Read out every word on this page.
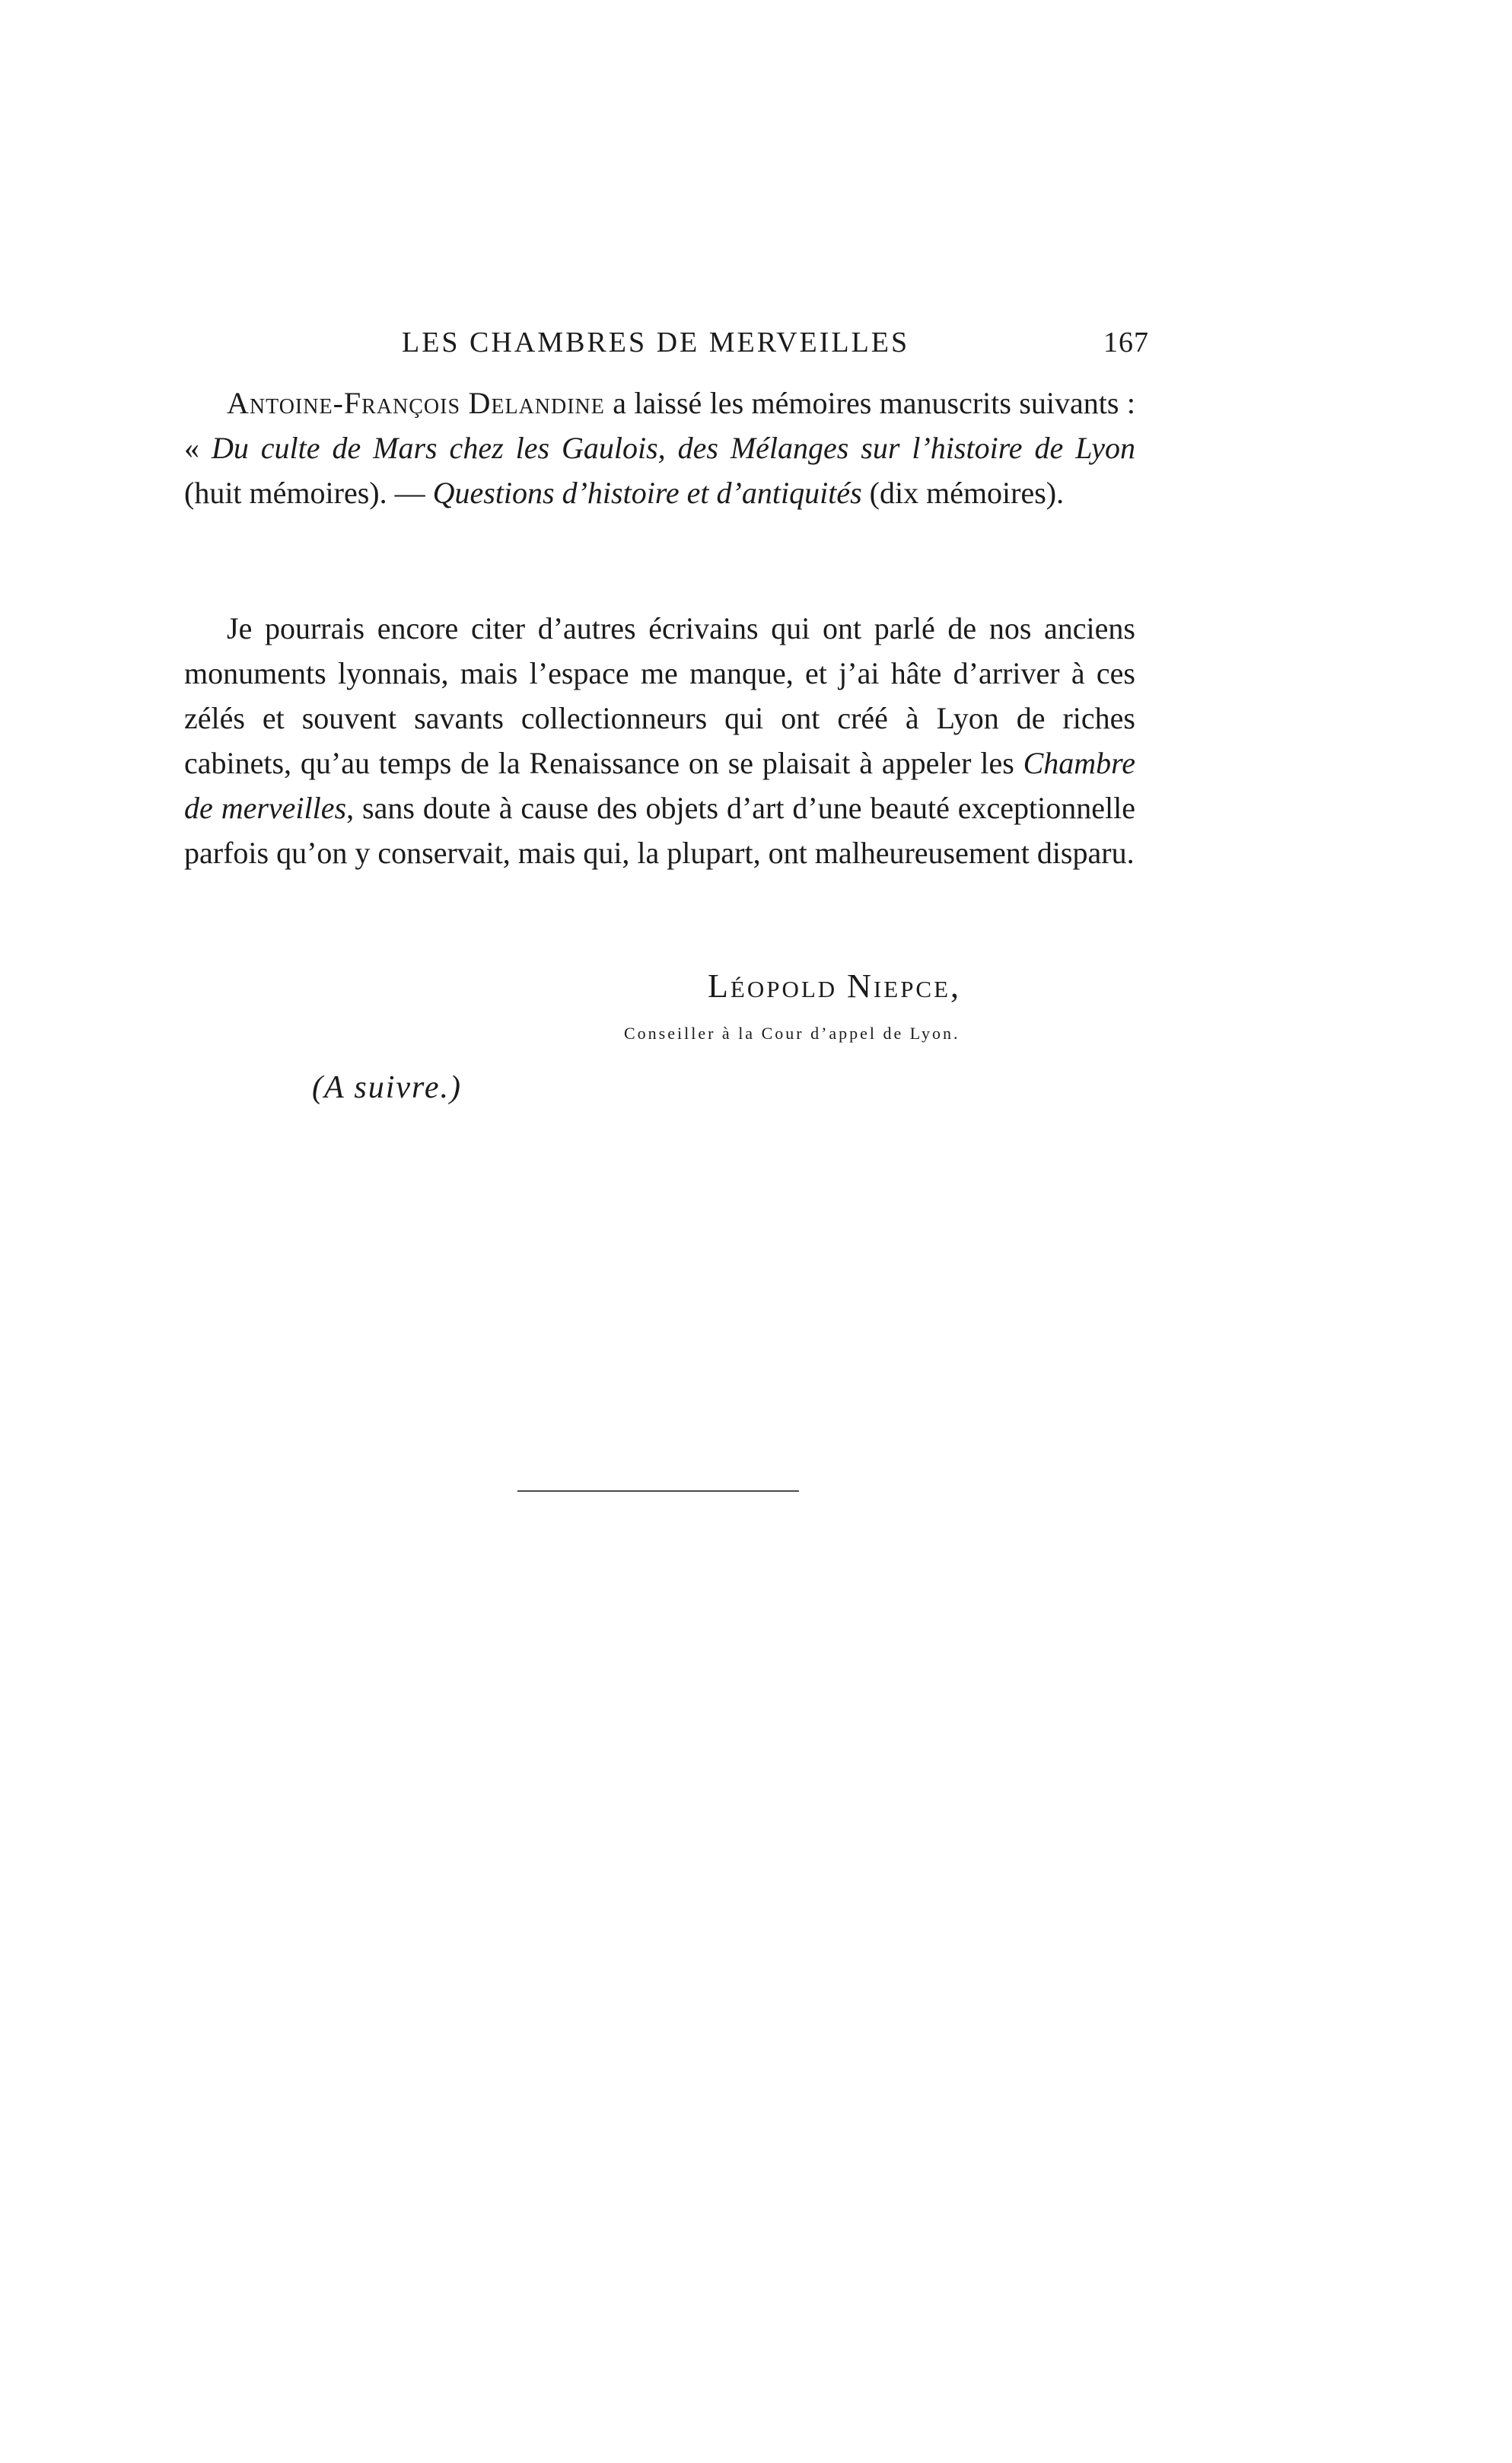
LES CHAMBRES DE MERVEILLES	167

Antoine-François Delandine a laissé les mémoires manuscrits suivants : « Du culte de Mars chez les Gaulois, des Mélanges sur l’histoire de Lyon (huit mémoires). — Questions d’histoire et d’antiquités (dix mémoires).

Je pourrais encore citer d’autres écrivains qui ont parlé de nos anciens monuments lyonnais, mais l’espace me manque, et j’ai hâte d’arriver à ces zélés et souvent savants collectionneurs qui ont créé à Lyon de riches cabinets, qu’au temps de la Renaissance on se plaisait à appeler les Chambre de merveilles, sans doute à cause des objets d’art d’une beauté exceptionnelle parfois qu’on y conservait, mais qui, la plupart, ont malheureusement disparu.

Léopold Niepce,
Conseiller à la Cour d’appel de Lyon.
(A suivre.)
